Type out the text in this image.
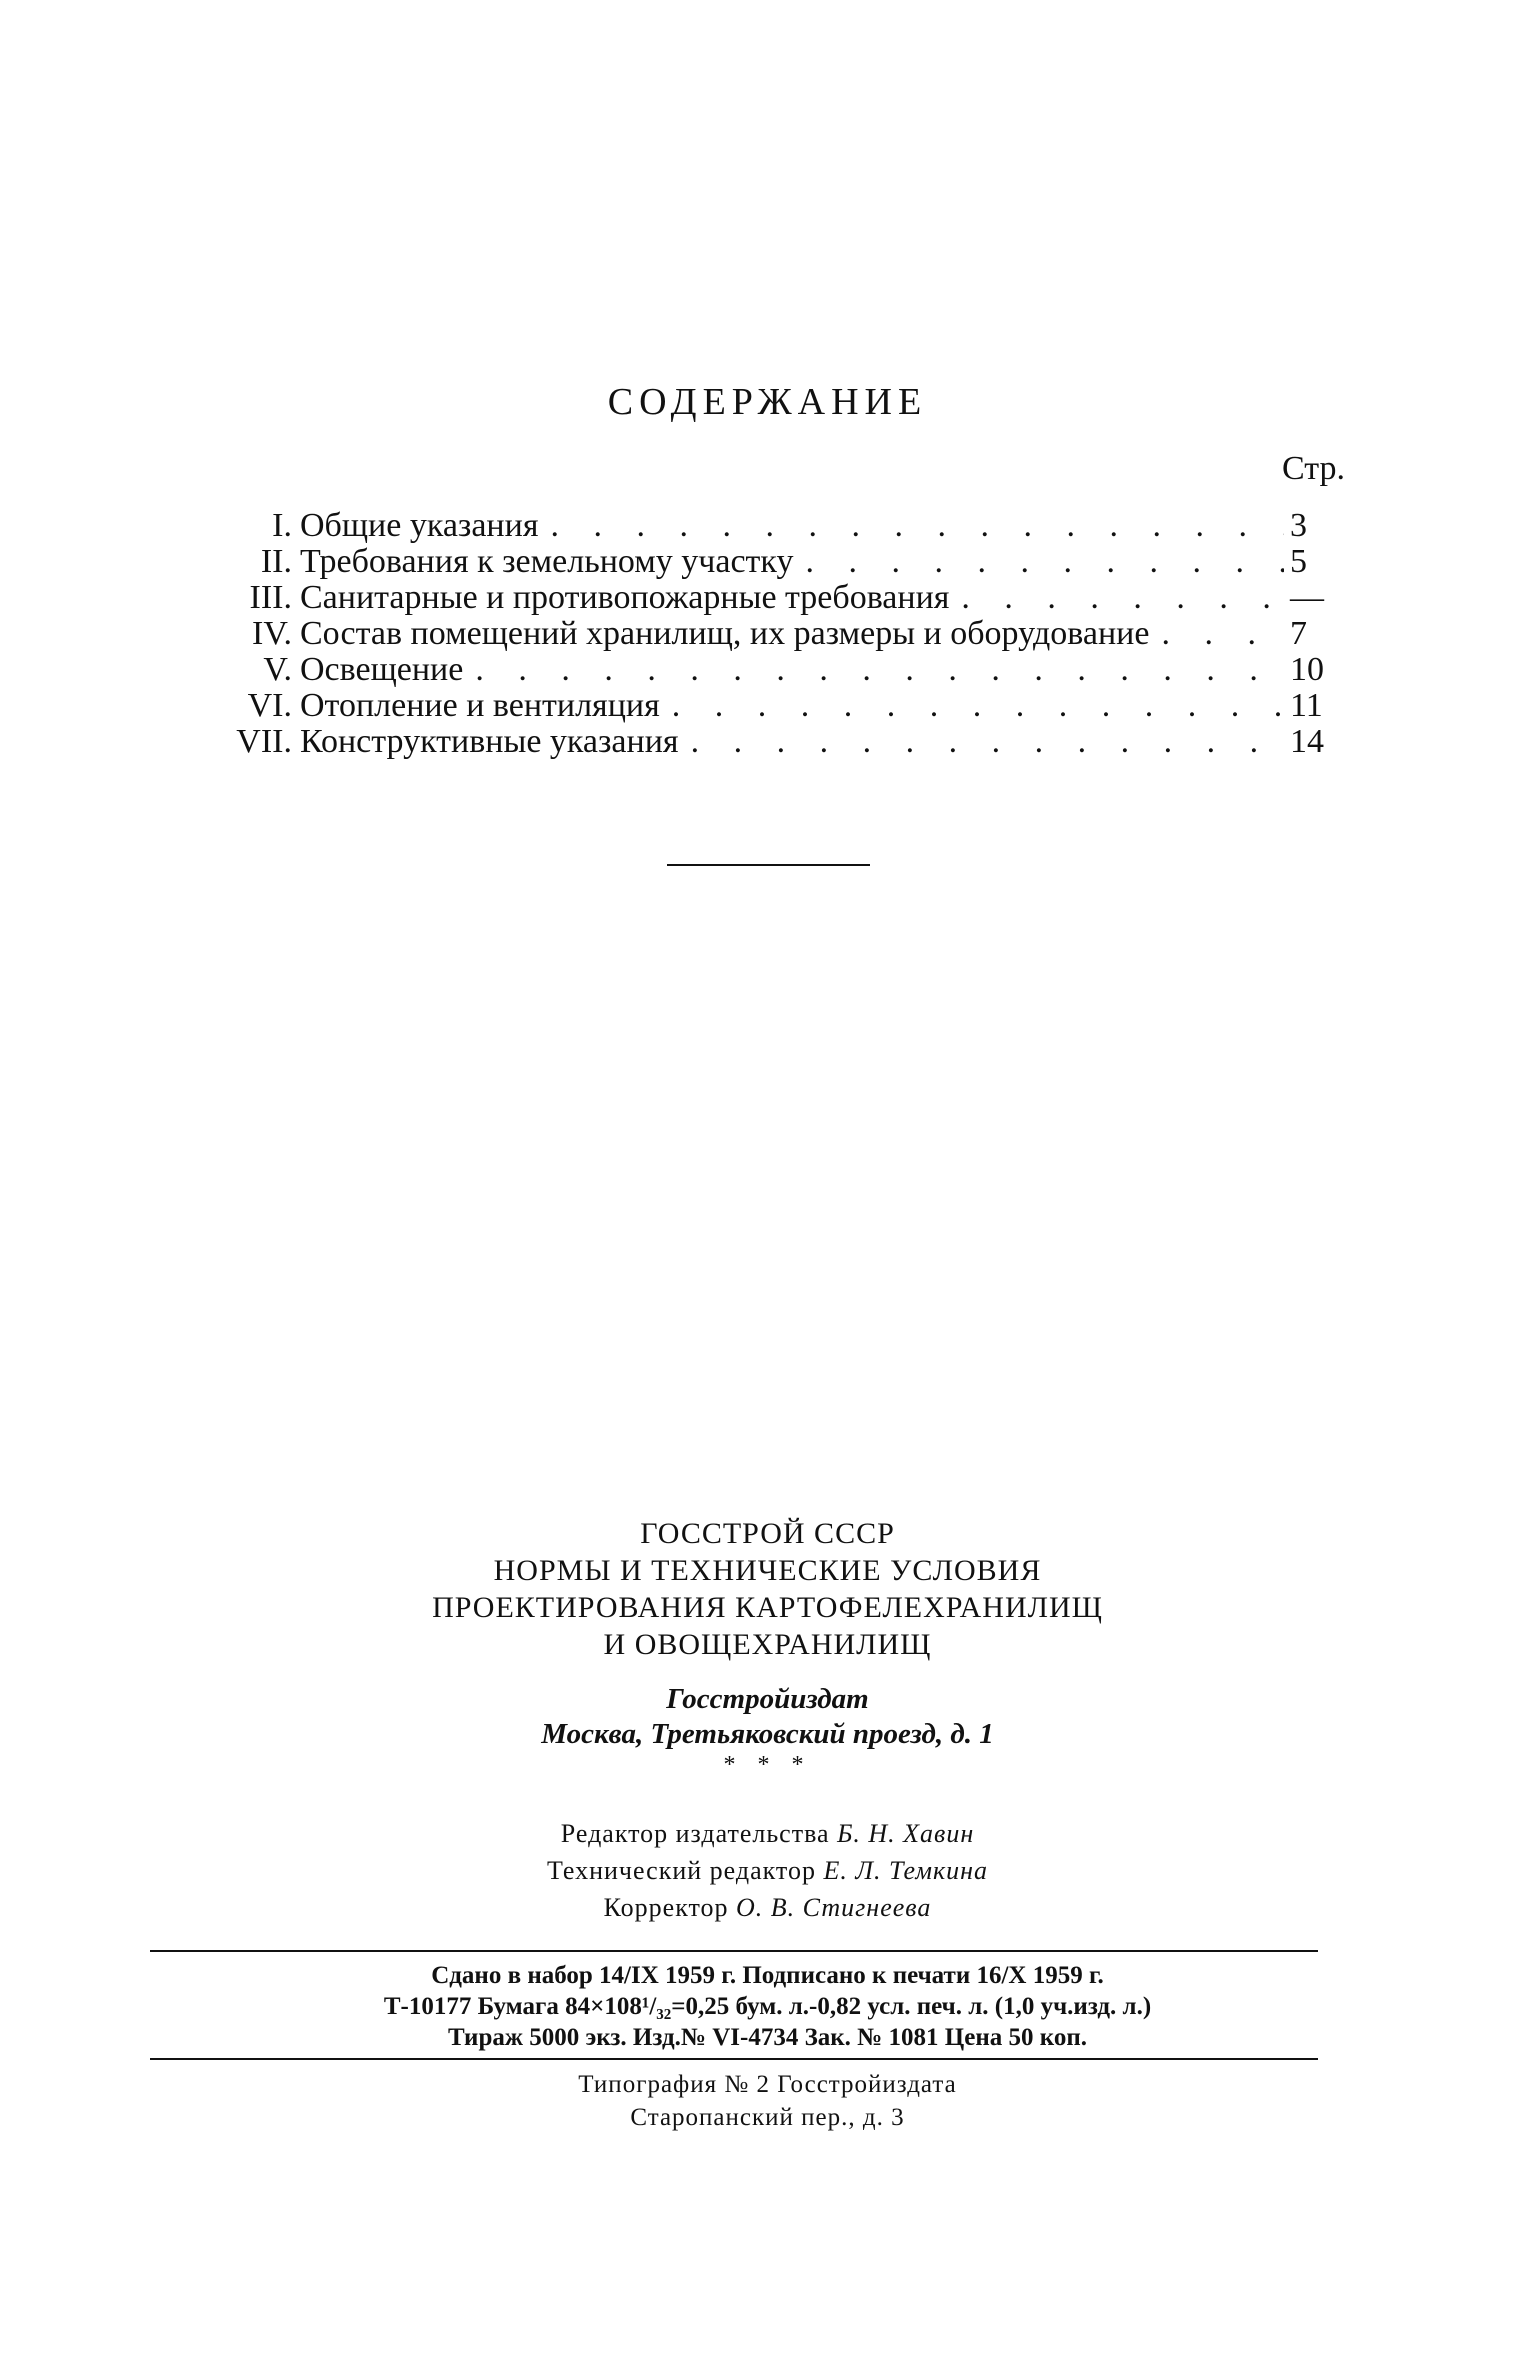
СОДЕРЖАНИЕ
Стр.
I. Общие указания . . .	3
II. Требования к земельному участку . . .	5
III. Санитарные и противопожарные требования . . .	—
IV. Состав помещений хранилищ, их размеры и оборудование . . .	7
V. Освещение . . .	10
VI. Отопление и вентиляция . . .	11
VII. Конструктивные указания . . .	14
ГОССТРОЙ СССР
НОРМЫ И ТЕХНИЧЕСКИЕ УСЛОВИЯ
ПРОЕКТИРОВАНИЯ КАРТОФЕЛЕХРАНИЛИЩ
И ОВОЩЕХРАНИЛИЩ
Госстройиздат
Москва, Третьяковский проезд, д. 1
* * *
Редактор издательства Б. Н. Хавин
Технический редактор Е. Л. Темкина
Корректор О. В. Стигнеева
Сдано в набор 14/IX 1959 г. Подписано к печати 16/X 1959 г.
Т-10177 Бумага 84×108¹/₃₂=0,25 бум. л.-0,82 усл. печ. л. (1,0 уч.изд. л.)
Тираж 5000 экз. Изд.№ VI-4734 Зак. № 1081 Цена 50 коп.
Типография № 2 Госстройиздата
Старопанский пер., д. 3
